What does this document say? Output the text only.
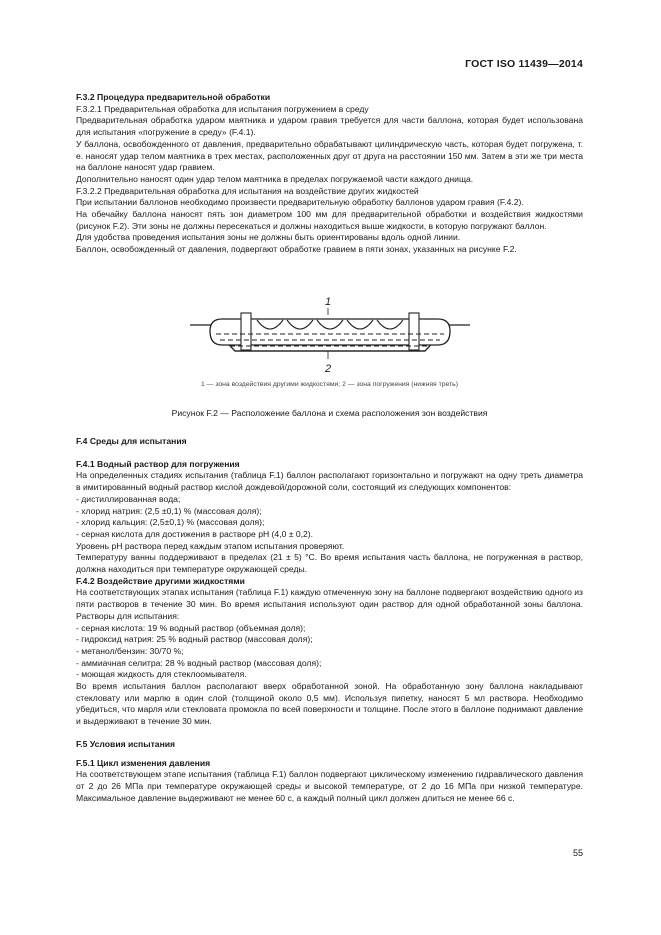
ГОСТ ISO 11439—2014

F.3.2 Процедура предварительной обработки

F.3.2.1 Предварительная обработка для испытания погружением в среду

Предварительная обработка ударом маятника и ударом гравия требуется для части баллона, которая будет использована для испытания «погружение в среду» (F.4.1).

У баллона, освобожденного от давления, предварительно обрабатывают цилиндрическую часть, которая будет погружена, т. е. наносят удар телом маятника в трех местах, расположенных друг от друга на расстоянии 150 мм. Затем в эти же три места на баллоне наносят удар гравием.

Дополнительно наносят один удар телом маятника в пределах погружаемой части каждого днища.

F.3.2.2 Предварительная обработка для испытания на воздействие других жидкостей

При испытании баллонов необходимо произвести предварительную обработку баллонов ударом гравия (F.4.2).

На обечайку баллона наносят пять зон диаметром 100 мм для предварительной обработки и воздействия жидкостями (рисунок F.2). Эти зоны не должны пересекаться и должны находиться выше жидкости, в которую погружают баллон.

Для удобства проведения испытания зоны не должны быть ориентированы вдоль одной линии.

Баллон, освобожденный от давления, подвергают обработке гравием в пяти зонах, указанных на рисунке F.2.

1
2
1 — зона воздействия другими жидкостями; 2 — зона погружения (нижняя треть)
Рисунок F.2 — Расположение баллона и схема расположения зон воздействия

F.4 Среды для испытания

F.4.1 Водный раствор для погружения

На определенных стадиях испытания (таблица F.1) баллон располагают горизонтально и погружают на одну треть диаметра в имитированный водный раствор кислой дождевой/дорожной соли, состоящий из следующих компонентов:

- дистиллированная вода;

- хлорид натрия: (2,5 ±0,1) % (массовая доля);

- хлорид кальция: (2,5±0,1) % (массовая доля);

- серная кислота для достижения в растворе pH (4,0 ± 0,2).

Уровень pH раствора перед каждым этапом испытания проверяют.

Температуру ванны поддерживают в пределах (21 ± 5) °С. Во время испытания часть баллона, не погруженная в раствор, должна находиться при температуре окружающей среды.

F.4.2 Воздействие другими жидкостями

На соответствующих этапах испытания (таблица F.1) каждую отмеченную зону на баллоне подвергают воздействию одного из пяти растворов в течение 30 мин. Во время испытания используют один раствор для одной обработанной зоны баллона. Растворы для испытания:

- серная кислота: 19 % водный раствор (объемная доля);

- гидроксид натрия: 25 % водный раствор (массовая доля);

- метанол/бензин: 30/70 %;

- аммиачная селитра: 28 % водный раствор (массовая доля);

- моющая жидкость для стеклоомывателя.

Во время испытания баллон располагают вверх обработанной зоной. На обработанную зону баллона накладывают стекловату или марлю в один слой (толщиной около 0,5 мм). Используя пипетку, наносят 5 мл раствора. Необходимо убедиться, что марля или стекловата промокла по всей поверхности и толщине. После этого в баллоне поднимают давление и выдерживают в течение 30 мин.

F.5 Условия испытания

F.5.1 Цикл изменения давления

На соответствующем этапе испытания (таблица F.1) баллон подвергают циклическому изменению гидравлического давления от 2 до 26 МПа при температуре окружающей среды и высокой температуре, от 2 до 16 МПа при низкой температуре. Максимальное давление выдерживают не менее 60 с, а каждый полный цикл должен длиться не менее 66 с.

55
